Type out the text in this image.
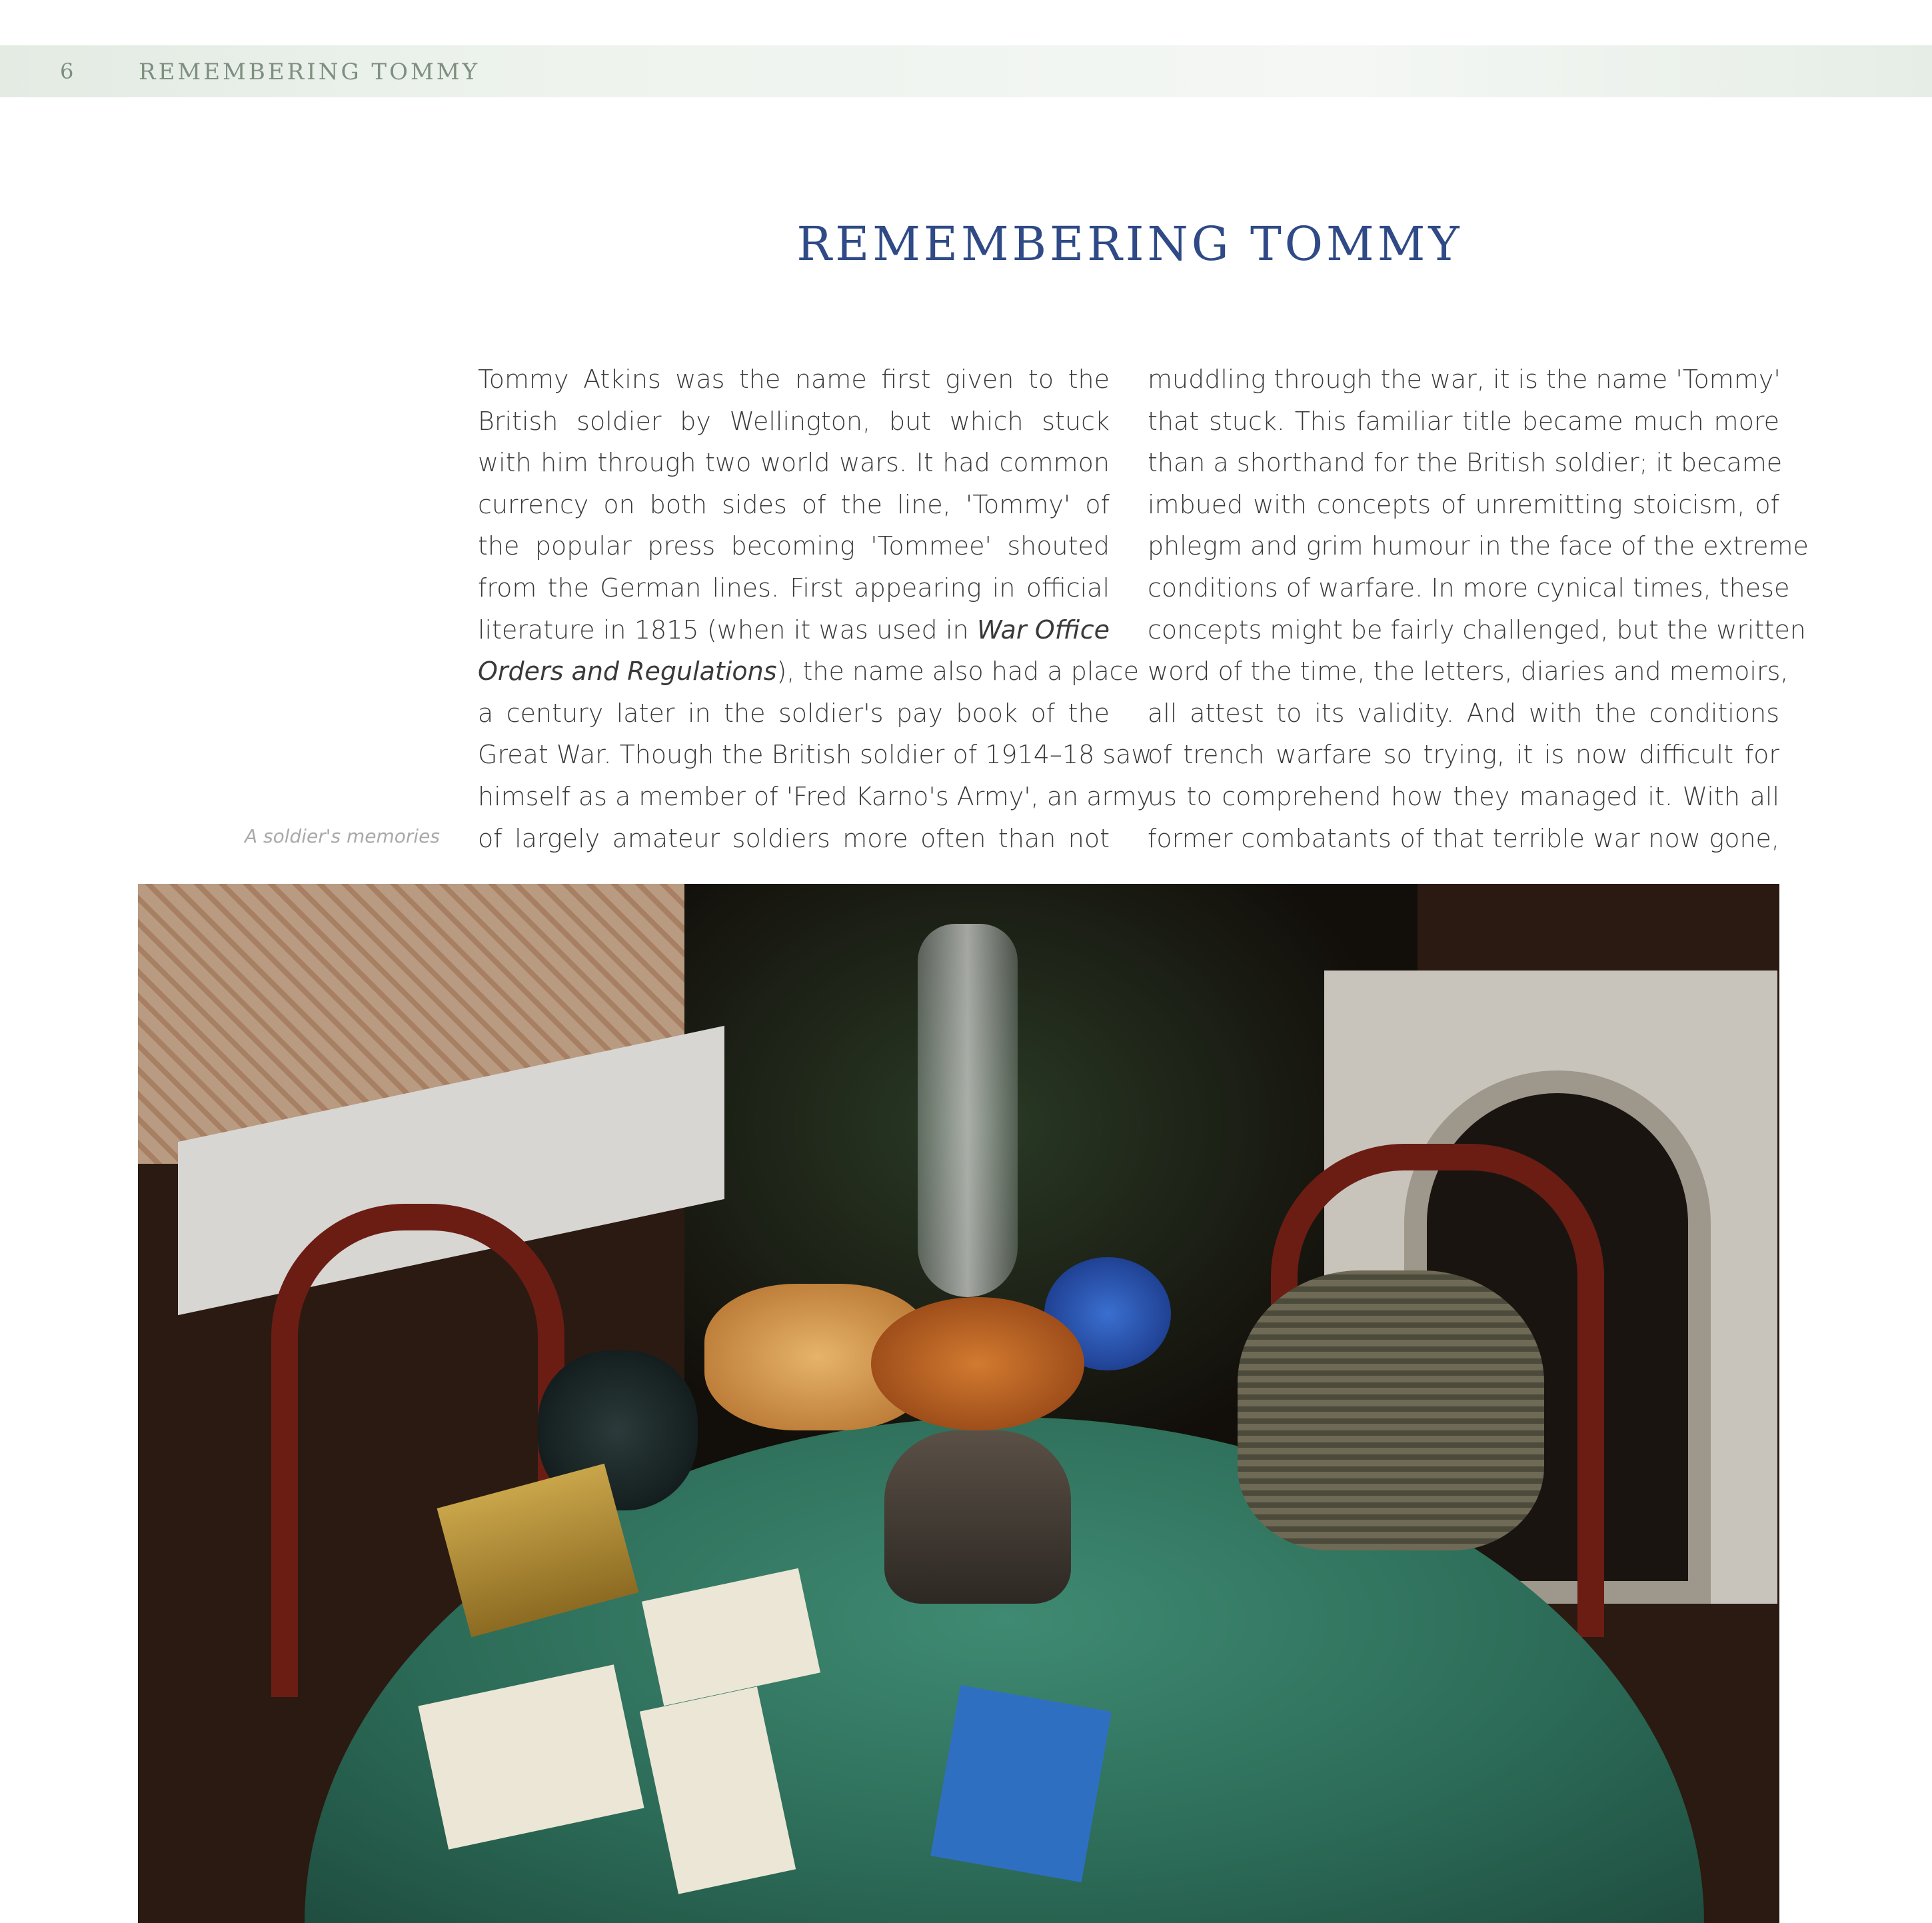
6	REMEMBERING TOMMY
REMEMBERING TOMMY
A soldier's memories
Tommy Atkins was the name first given to the
British soldier by Wellington, but which stuck
with him through two world wars. It had common
currency on both sides of the line, 'Tommy' of
the popular press becoming 'Tommee' shouted
from the German lines. First appearing in official
literature in 1815 (when it was used in War Office
Orders and Regulations), the name also had a place
a century later in the soldier's pay book of the
Great War. Though the British soldier of 1914–18 saw
himself as a member of 'Fred Karno's Army', an army
of largely amateur soldiers more often than not
muddling through the war, it is the name 'Tommy'
that stuck. This familiar title became much more
than a shorthand for the British soldier; it became
imbued with concepts of unremitting stoicism, of
phlegm and grim humour in the face of the extreme
conditions of warfare. In more cynical times, these
concepts might be fairly challenged, but the written
word of the time, the letters, diaries and memoirs,
all attest to its validity. And with the conditions
of trench warfare so trying, it is now difficult for
us to comprehend how they managed it. With all
former combatants of that terrible war now gone,
